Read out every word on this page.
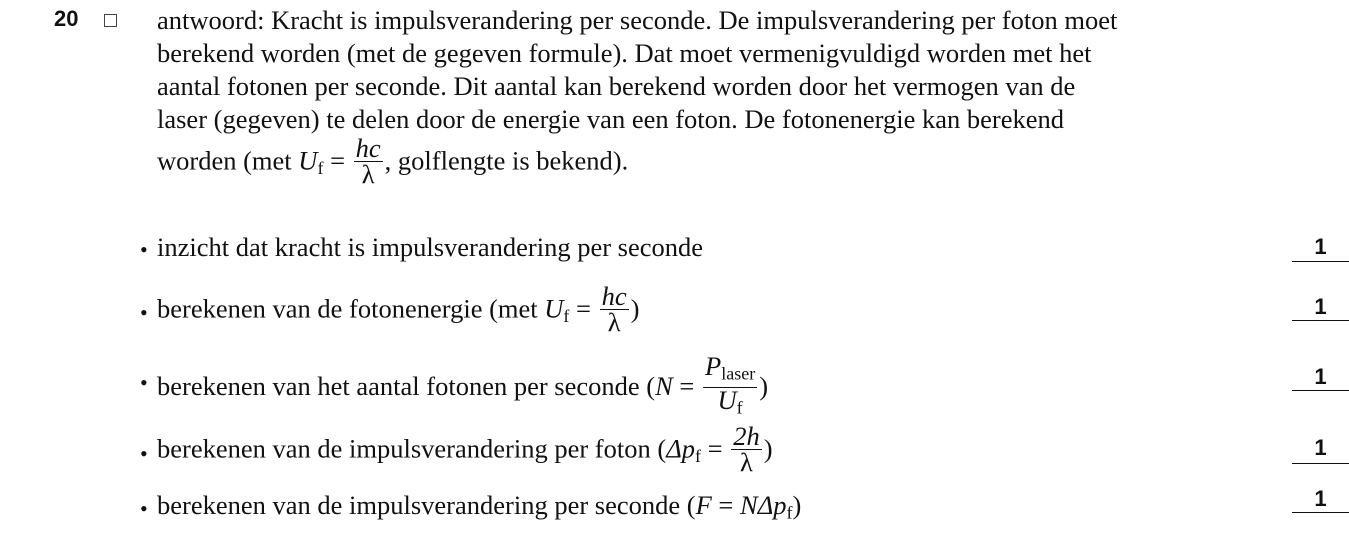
20	antwoord: Kracht is impulsverandering per seconde. De impulsverandering per foton moet
berekend worden (met de gegeven formule). Dat moet vermenigvuldigd worden met het
aantal fotonen per seconde. Dit aantal kan berekend worden door het vermogen van de
laser (gegeven) te delen door de energie van een foton. De fotonenergie kan berekend
worden (met $U_f = \frac{hc}{\lambda}$ , golflengte is bekend).
• inzicht dat kracht is impulsverandering per seconde	1
• berekenen van de fotonenergie (met $U_f = \frac{hc}{\lambda}$ )	1
• berekenen van het aantal fotonen per seconde ($N = \frac{P_{laser}}{U_f}$ )	1
• berekenen van de impulsverandering per foton ($\Delta p_f = \frac{2h}{\lambda}$ )	1
• berekenen van de impulsverandering per seconde (F = NΔp$_f$)	1
